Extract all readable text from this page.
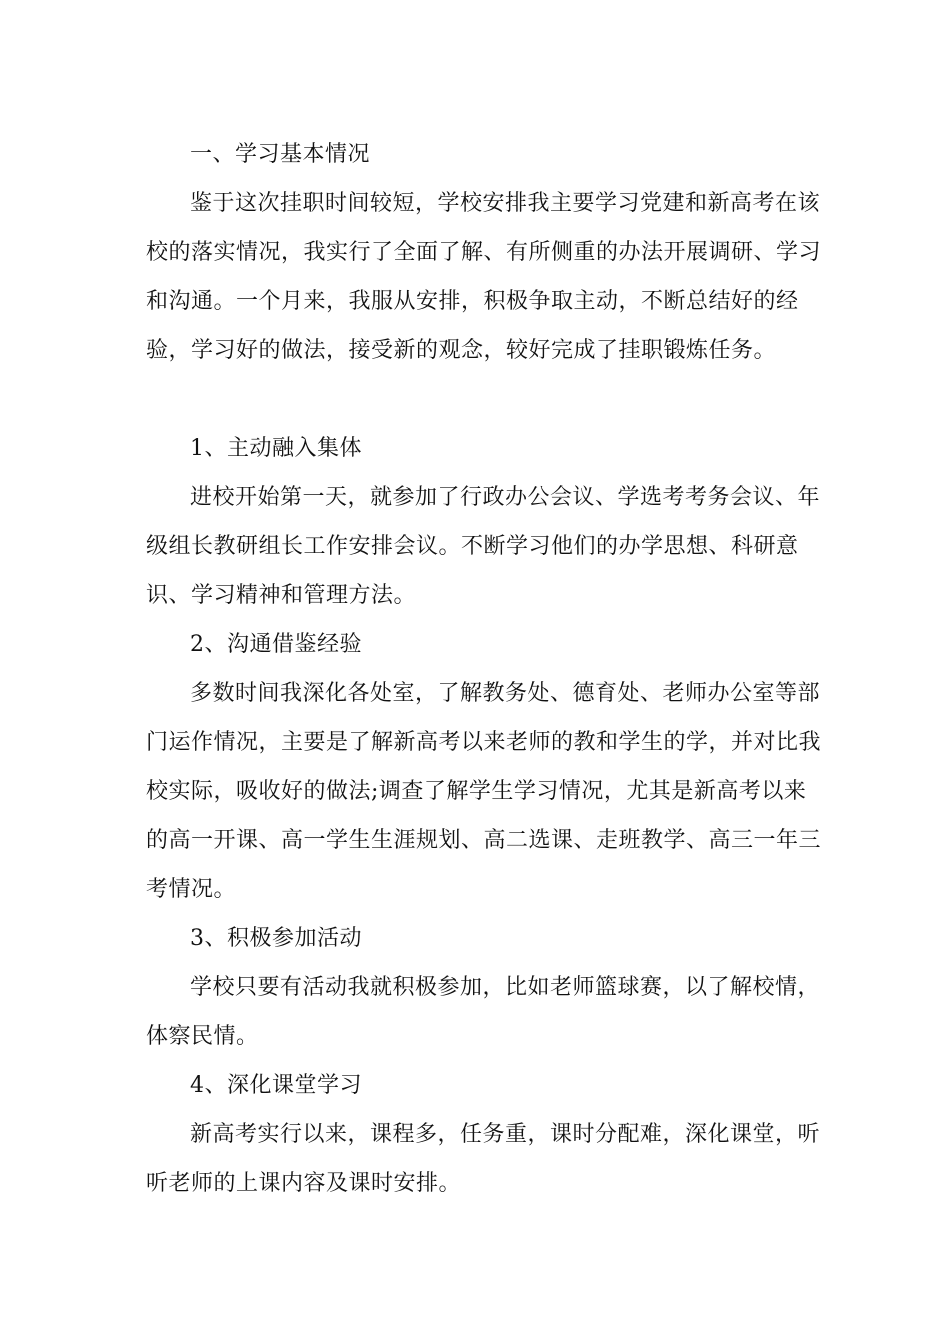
一、学习基本情况

鉴于这次挂职时间较短，学校安排我主要学习党建和新高考在该校的落实情况，我实行了全面了解、有所侧重的办法开展调研、学习和沟通。一个月来，我服从安排，积极争取主动，不断总结好的经验，学习好的做法，接受新的观念，较好完成了挂职锻炼任务。

1、主动融入集体

进校开始第一天，就参加了行政办公会议、学选考考务会议、年级组长教研组长工作安排会议。不断学习他们的办学思想、科研意识、学习精神和管理方法。

2、沟通借鉴经验

多数时间我深化各处室，了解教务处、德育处、老师办公室等部门运作情况，主要是了解新高考以来老师的教和学生的学，并对比我校实际，吸收好的做法;调查了解学生学习情况，尤其是新高考以来的高一开课、高一学生生涯规划、高二选课、走班教学、高三一年三考情况。

3、积极参加活动

学校只要有活动我就积极参加，比如老师篮球赛，以了解校情，体察民情。

4、深化课堂学习

新高考实行以来，课程多，任务重，课时分配难，深化课堂，听听老师的上课内容及课时安排。
